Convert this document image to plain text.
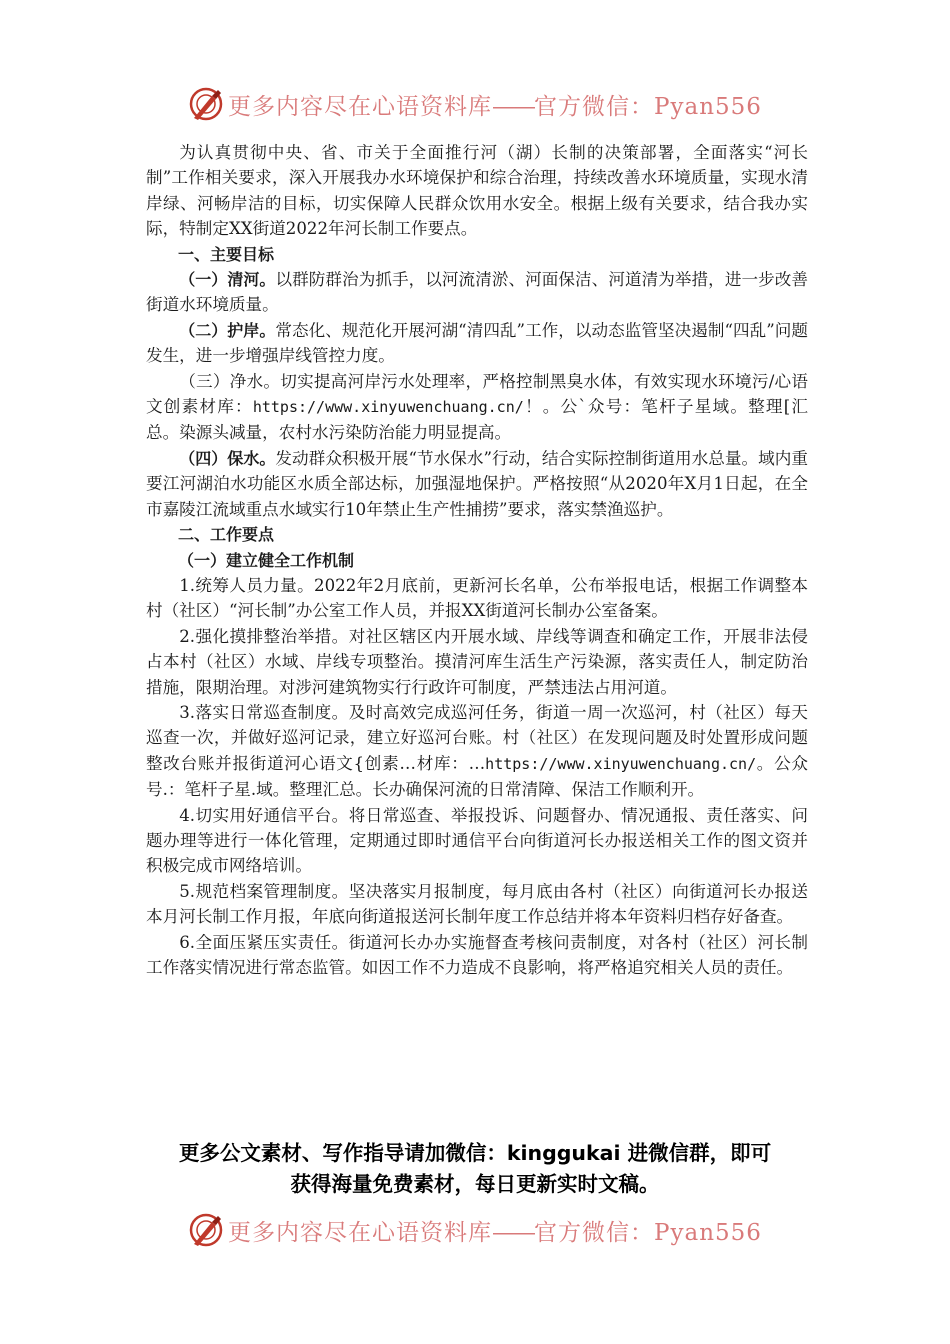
更多内容尽在心语资料库——官方微信：Pyan556

为认真贯彻中央、省、市关于全面推行河（湖）长制的决策部署，全面落实“河长制”工作相关要求，深入开展我办水环境保护和综合治理，持续改善水环境质量，实现水清岸绿、河畅岸洁的目标，切实保障人民群众饮用水安全。根据上级有关要求，结合我办实际，特制定XX街道2022年河长制工作要点。

一、主要目标

（一）清河。以群防群治为抓手，以河流清淤、河面保洁、河道清为举措，进一步改善街道水环境质量。

（二）护岸。常态化、规范化开展河湖“清四乱”工作，以动态监管坚决遏制“四乱”问题发生，进一步增强岸线管控力度。

（三）净水。切实提高河岸污水处理率，严格控制黑臭水体，有效实现水环境污/心语文创素材库：https://www.xinyuwenchuang.cn/！。公`众号：笔杆子星域。整理[汇总。染源头减量，农村水污染防治能力明显提高。

（四）保水。发动群众积极开展“节水保水”行动，结合实际控制街道用水总量。域内重要江河湖泊水功能区水质全部达标，加强湿地保护。严格按照“从2020年X月1日起，在全市嘉陵江流域重点水域实行10年禁止生产性捕捞”要求，落实禁渔巡护。

二、工作要点

（一）建立健全工作机制

1.统筹人员力量。2022年2月底前，更新河长名单，公布举报电话，根据工作调整本村（社区）“河长制”办公室工作人员，并报XX街道河长制办公室备案。

2.强化摸排整治举措。对社区辖区内开展水域、岸线等调查和确定工作，开展非法侵占本村（社区）水域、岸线专项整治。摸清河库生活生产污染源，落实责任人，制定防治措施，限期治理。对涉河建筑物实行行政许可制度，严禁违法占用河道。

3.落实日常巡查制度。及时高效完成巡河任务，街道一周一次巡河，村（社区）每天巡查一次，并做好巡河记录，建立好巡河台账。村（社区）在发现问题及时处置形成问题整改台账并报街道河心语文{创素…材库：…https://www.xinyuwenchuang.cn/。公众号.：笔杆子星.域。整理汇总。长办确保河流的日常清障、保洁工作顺利开。

4.切实用好通信平台。将日常巡查、举报投诉、问题督办、情况通报、责任落实、问题办理等进行一体化管理，定期通过即时通信平台向街道河长办报送相关工作的图文资并积极完成市网络培训。

5.规范档案管理制度。坚决落实月报制度，每月底由各村（社区）向街道河长办报送本月河长制工作月报，年底向街道报送河长制年度工作总结并将本年资料归档存好备查。

6.全面压紧压实责任。街道河长办办实施督查考核问责制度，对各村（社区）河长制工作落实情况进行常态监管。如因工作不力造成不良影响，将严格追究相关人员的责任。

更多公文素材、写作指导请加微信：kinggukai 进微信群，即可
获得海量免费素材，每日更新实时文稿。
更多内容尽在心语资料库——官方微信：Pyan556
